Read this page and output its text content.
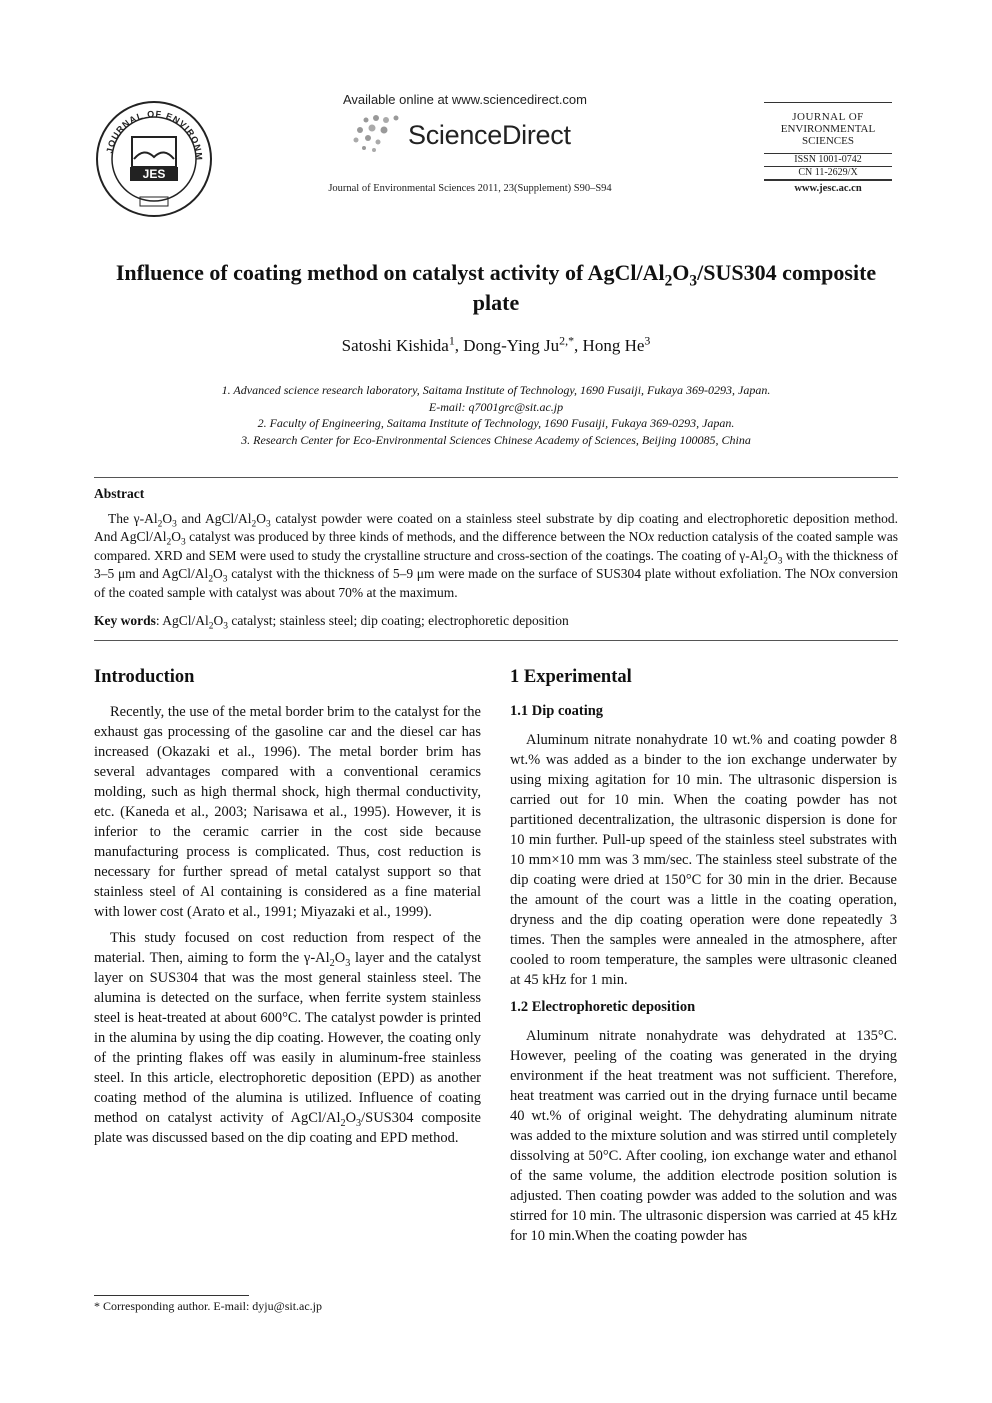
JOURNAL OF ENVIRONM
JES
Available online at www.sciencedirect.com
ScienceDirect
Journal of Environmental Sciences 2011, 23(Supplement) S90–S94
JOURNAL OF
ENVIRONMENTAL
SCIENCES
ISSN 1001-0742
CN 11-2629/X
www.jesc.ac.cn
Influence of coating method on catalyst activity of AgCl/$Al_2O_3/SUS304$ composite plate
Satoshi Kishida$^1$, Dong-Ying $Ju^{2,*}$, Hong He$^3$
1. Advanced science research laboratory, Saitama Institute of Technology, 1690 Fusaiji, Fukaya 369-0293, Japan.
E-mail: q7001grc@sit.ac.jp
2. Faculty of Engineering, Saitama Institute of Technology, 1690 Fusaiji, Fukaya 369-0293, Japan.
3. Research Center for Eco-Environmental Sciences Chinese Academy of Sciences, Beijing 100085, China
Abstract
The $\gamma-Al_2O_3$ and AgCl/$Al_2O_3$ catalyst powder were coated on a stainless steel substrate by dip coating and electrophoretic deposition method. And AgCl/$Al_2O_3$ catalyst was produced by three kinds of methods, and the difference between the NOx reduction catalysis of the coated sample was compared. XRD and SEM were used to study the crystalline structure and cross-section of the coatings. The coating of $\gamma-Al_2O_3$ with the thickness of 3–5 μm and AgCl/$Al_2O_3$ catalyst with the thickness of 5–9 μm were made on the surface of SUS304 plate without exfoliation. The NOx conversion of the coated sample with catalyst was about 70% at the maximum.
Key words: AgCl/$Al_2O_3$ catalyst; stainless steel; dip coating; electrophoretic deposition
Introduction

Recently, the use of the metal border brim to the catalyst for the exhaust gas processing of the gasoline car and the diesel car has increased (Okazaki et al., 1996). The metal border brim has several advantages compared with a conventional ceramics molding, such as high thermal shock, high thermal conductivity, etc. (Kaneda et al., 2003; Narisawa et al., 1995). However, it is inferior to the ceramic carrier in the cost side because manufacturing process is complicated. Thus, cost reduction is necessary for further spread of metal catalyst support so that stainless steel of Al containing is considered as a fine material with lower cost (Arato et al., 1991; Miyazaki et al., 1999).

This study focused on cost reduction from respect of the material. Then, aiming to form the $\gamma-Al_2O_3$ layer and the catalyst layer on SUS304 that was the most general stainless steel. The alumina is detected on the surface, when ferrite system stainless steel is heat-treated at about 600°C. The catalyst powder is printed in the alumina by using the dip coating. However, the coating only of the printing flakes off was easily in aluminum-free stainless steel. In this article, electrophoretic deposition (EPD) as another coating method of the alumina is utilized. Influence of coating method on catalyst activity of AgCl/$Al_2O_3/SUS304$ composite plate was discussed based on the dip coating and EPD method.

1 Experimental
1.1 Dip coating

Aluminum nitrate nonahydrate 10 wt.% and coating powder 8 wt.% was added as a binder to the ion exchange underwater by using mixing agitation for 10 min. The ultrasonic dispersion is carried out for 10 min. When the coating powder has not partitioned decentralization, the ultrasonic dispersion is done for 10 min further. Pull-up speed of the stainless steel substrates with 10 mm×10 mm was 3 mm/sec. The stainless steel substrate of the dip coating were dried at 150°C for 30 min in the drier. Because the amount of the court was a little in the coating operation, dryness and the dip coating operation were done repeatedly 3 times. Then the samples were annealed in the atmosphere, after cooled to room temperature, the samples were ultrasonic cleaned at 45 kHz for 1 min.

1.2 Electrophoretic deposition

Aluminum nitrate nonahydrate was dehydrated at 135°C. However, peeling of the coating was generated in the drying environment if the heat treatment was not sufficient. Therefore, heat treatment was carried out in the drying furnace until became 40 wt.% of original weight. The dehydrating aluminum nitrate was added to the mixture solution and was stirred until completely dissolving at 50°C. After cooling, ion exchange water and ethanol of the same volume, the addition electrode position solution is adjusted. Then coating powder was added to the solution and was stirred for 10 min. The ultrasonic dispersion was carried at 45 kHz for 10 min.When the coating powder has

* Corresponding author. E-mail: dyju@sit.ac.jp
